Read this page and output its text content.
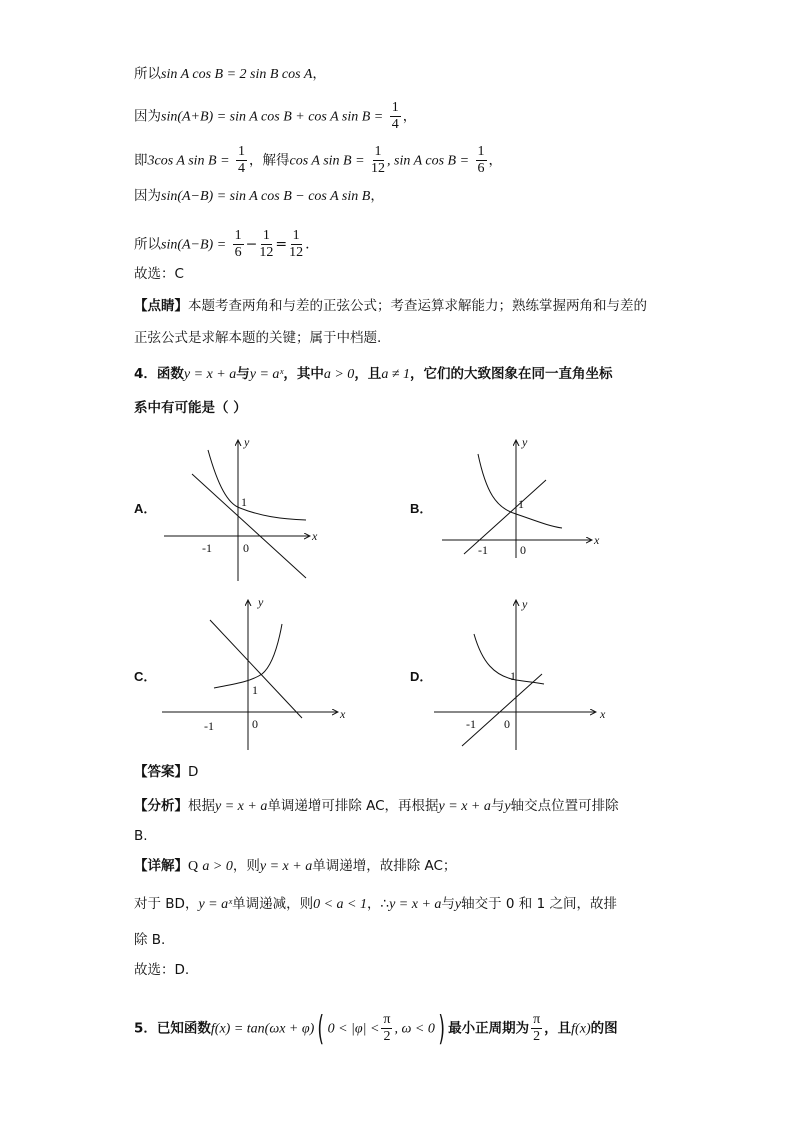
所以sin A cos B = 2 sin B cos A，
因为sin(A+B) = sin A cos B + cos A $\sin B = \frac{1}{4}$ ，
即3cos A $\sin B = \frac{1}{4}$ ，解得cos A $\sin B = \frac{1}{12}$ , sin A $\cos B = \frac{1}{6}$ ，
因为sin(A−B) = sin A cos B − cos A sin B，
所以$\sin(A-B) = \frac{1}{6} - \frac{1}{12} = \frac{1}{12}$ .
故选：C
【点睛】本题考查两角和与差的正弦公式；考查运算求解能力；熟练掌握两角和与差的
正弦公式是求解本题的关键；属于中档题.
4．函数y = x + a与y = aˣ，其中a > 0，且a ≠ 1，它们的大致图象在同一直角坐标
系中有可能是（ ）
A．	B．
C．	D．
x
y
-1
1
0
x
y
-1
1
0
x
y
-1
1
0
x
y
-1
1
0
【答案】D
【分析】根据y = x + a单调递增可排除 AC，再根据y = x + a与y轴交点位置可排除
B.
【详解】Q a > 0，则y = x + a单调递增，故排除 AC；
对于 BD，y = aˣ单调递减，则0 < a < 1，∴y = x + a与y轴交于 0 和 1 之间，故排
除 B.
故选：D.
5．已知函数f(x) = tan(ωx + φ)( $0 < |\varphi| < \frac{\pi}{2}$ , ω < 0) 最小正周期为 $\frac{\pi}{2}$ ，且f(x)的图
